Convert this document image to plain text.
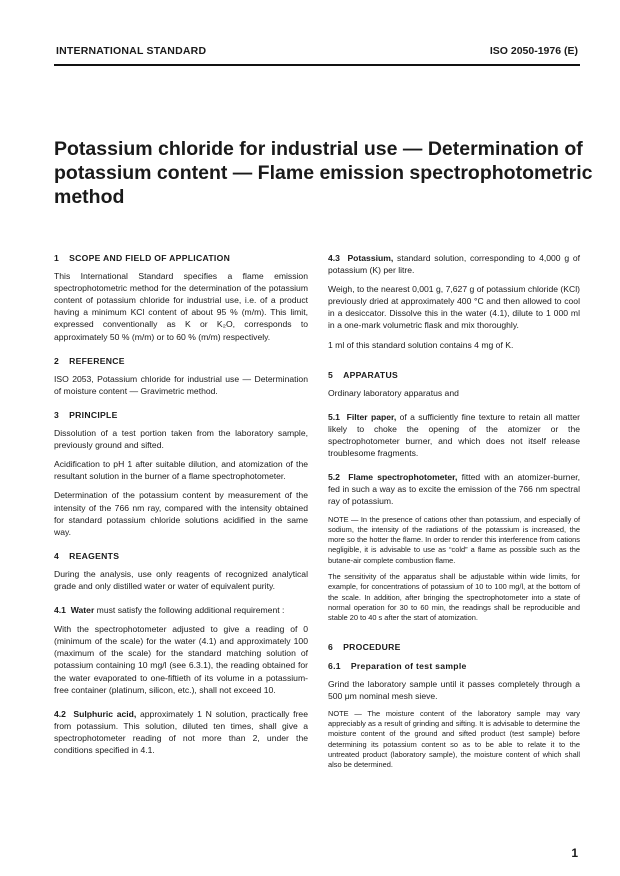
INTERNATIONAL STANDARD	ISO 2050-1976 (E)
Potassium chloride for industrial use — Determination of potassium content — Flame emission spectrophotometric method
1 SCOPE AND FIELD OF APPLICATION

This International Standard specifies a flame emission spectrophotometric method for the determination of the potassium content of potassium chloride for industrial use, i.e. of a product having a minimum KCl content of about 95 % (m/m). This limit, expressed conventionally as K or K₂O, corresponds to approximately 50 % (m/m) or to 60 % (m/m) respectively.

2 REFERENCE

ISO 2053, Potassium chloride for industrial use — Determination of moisture content — Gravimetric method.

3 PRINCIPLE

Dissolution of a test portion taken from the laboratory sample, previously ground and sifted.

Acidification to pH 1 after suitable dilution, and atomization of the resultant solution in the burner of a flame spectrophotometer.

Determination of the potassium content by measurement of the intensity of the 766 nm ray, compared with the intensity obtained for standard potassium chloride solutions acidified in the same way.

4 REAGENTS

During the analysis, use only reagents of recognized analytical grade and only distilled water or water of equivalent purity.

4.1 Water must satisfy the following additional requirement :

With the spectrophotometer adjusted to give a reading of 0 (minimum of the scale) for the water (4.1) and approximately 100 (maximum of the scale) for the standard matching solution of potassium containing 10 mg/l (see 6.3.1), the reading obtained for the water evaporated to one-fiftieth of its volume in a potassium-free container (platinum, silicon, etc.), shall not exceed 10.

4.2 Sulphuric acid, approximately 1 N solution, practically free from potassium. This solution, diluted ten times, shall give a spectrophotometer reading of not more than 2, under the conditions specified in 4.1.

4.3 Potassium, standard solution, corresponding to 4,000 g of potassium (K) per litre.

Weigh, to the nearest 0,001 g, 7,627 g of potassium chloride (KCl) previously dried at approximately 400 °C and then allowed to cool in a desiccator. Dissolve this in the water (4.1), dilute to 1 000 ml in a one-mark volumetric flask and mix thoroughly.

1 ml of this standard solution contains 4 mg of K.

5 APPARATUS

Ordinary laboratory apparatus and

5.1 Filter paper, of a sufficiently fine texture to retain all matter likely to choke the opening of the atomizer or the spectrophotometer burner, and which does not itself release troublesome fragments.

5.2 Flame spectrophotometer, fitted with an atomizer-burner, fed in such a way as to excite the emission of the 766 nm spectral ray of potassium.

NOTE — In the presence of cations other than potassium, and especially of sodium, the intensity of the radiations of the potassium is increased, the more so the hotter the flame. In order to render this interference from cations negligible, it is advisable to use as “cold” a flame as possible such as the butane-air complete combustion flame.

The sensitivity of the apparatus shall be adjustable within wide limits, for example, for concentrations of potassium of 10 to 100 mg/l, at the bottom of the scale. In addition, after bringing the spectrophotometer into a state of normal operation for 30 to 60 min, the readings shall be reproducible and stable 20 to 40 s after the start of atomization.

6 PROCEDURE
6.1 Preparation of test sample

Grind the laboratory sample until it passes completely through a 500 μm nominal mesh sieve.

NOTE — The moisture content of the laboratory sample may vary appreciably as a result of grinding and sifting. It is advisable to determine the moisture content of the ground and sifted product (test sample) before determining its potassium content so as to be able to relate it to the untreated product (laboratory sample), the moisture content of which shall also be determined.

1
